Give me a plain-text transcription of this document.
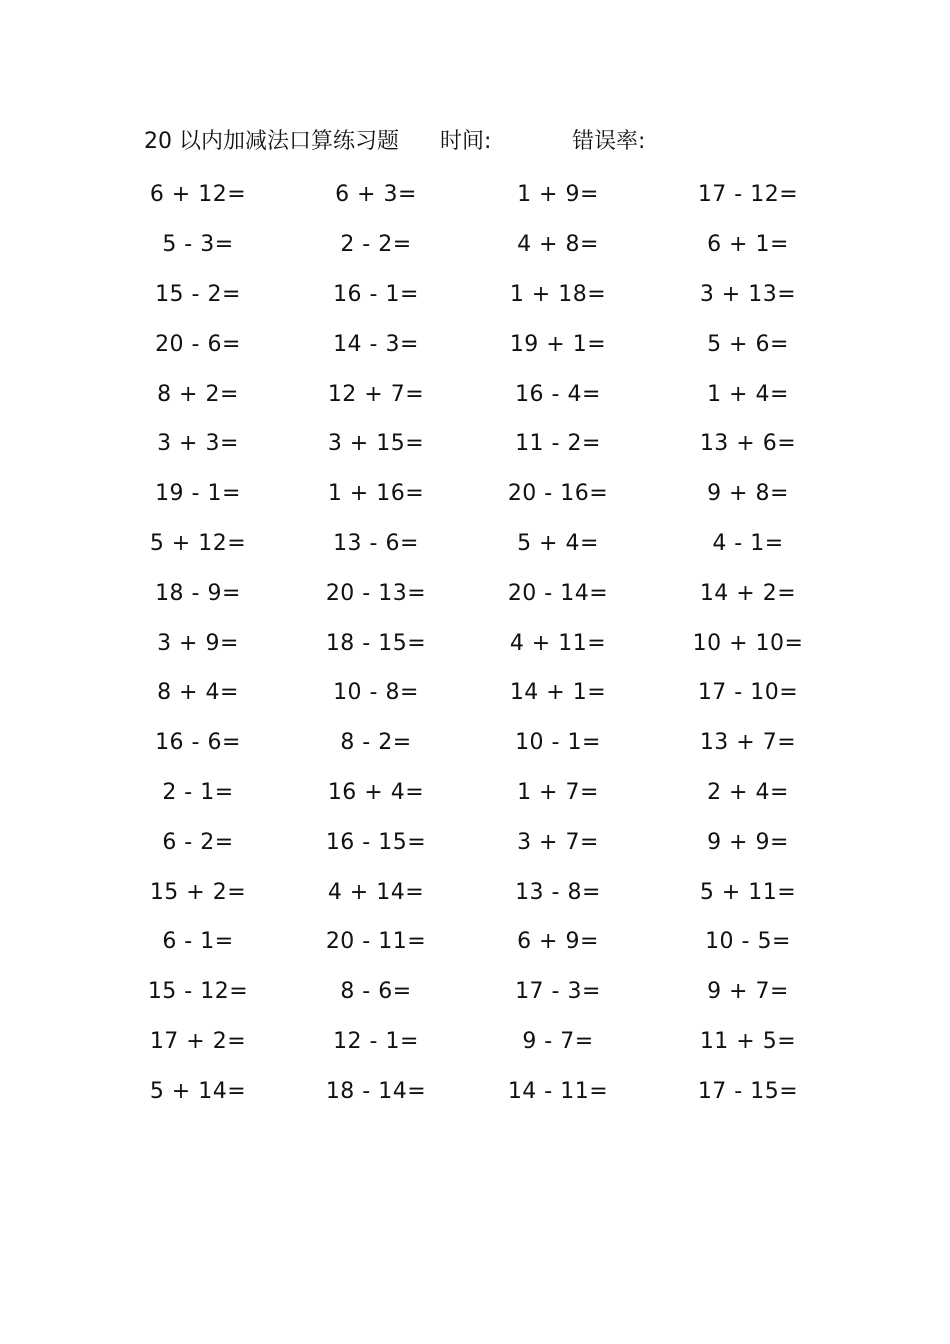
20 以内加减法口算练习题 时间:	错误率:
6 + 12=	6 + 3=	1 + 9=	17 - 12=
5 - 3=	2 - 2=	4 + 8=	6 + 1=
15 - 2=	16 - 1=	1 + 18=	3 + 13=
20 - 6=	14 - 3=	19 + 1=	5 + 6=
8 + 2=	12 + 7=	16 - 4=	1 + 4=
3 + 3=	3 + 15=	11 - 2=	13 + 6=
19 - 1=	1 + 16=	20 - 16=	9 + 8=
5 + 12=	13 - 6=	5 + 4=	4 - 1=
18 - 9=	20 - 13=	20 - 14=	14 + 2=
3 + 9=	18 - 15=	4 + 11=	10 + 10=
8 + 4=	10 - 8=	14 + 1=	17 - 10=
16 - 6=	8 - 2=	10 - 1=	13 + 7=
2 - 1=	16 + 4=	1 + 7=	2 + 4=
6 - 2=	16 - 15=	3 + 7=	9 + 9=
15 + 2=	4 + 14=	13 - 8=	5 + 11=
6 - 1=	20 - 11=	6 + 9=	10 - 5=
15 - 12=	8 - 6=	17 - 3=	9 + 7=
17 + 2=	12 - 1=	9 - 7=	11 + 5=
5 + 14=	18 - 14=	14 - 11=	17 - 15=
